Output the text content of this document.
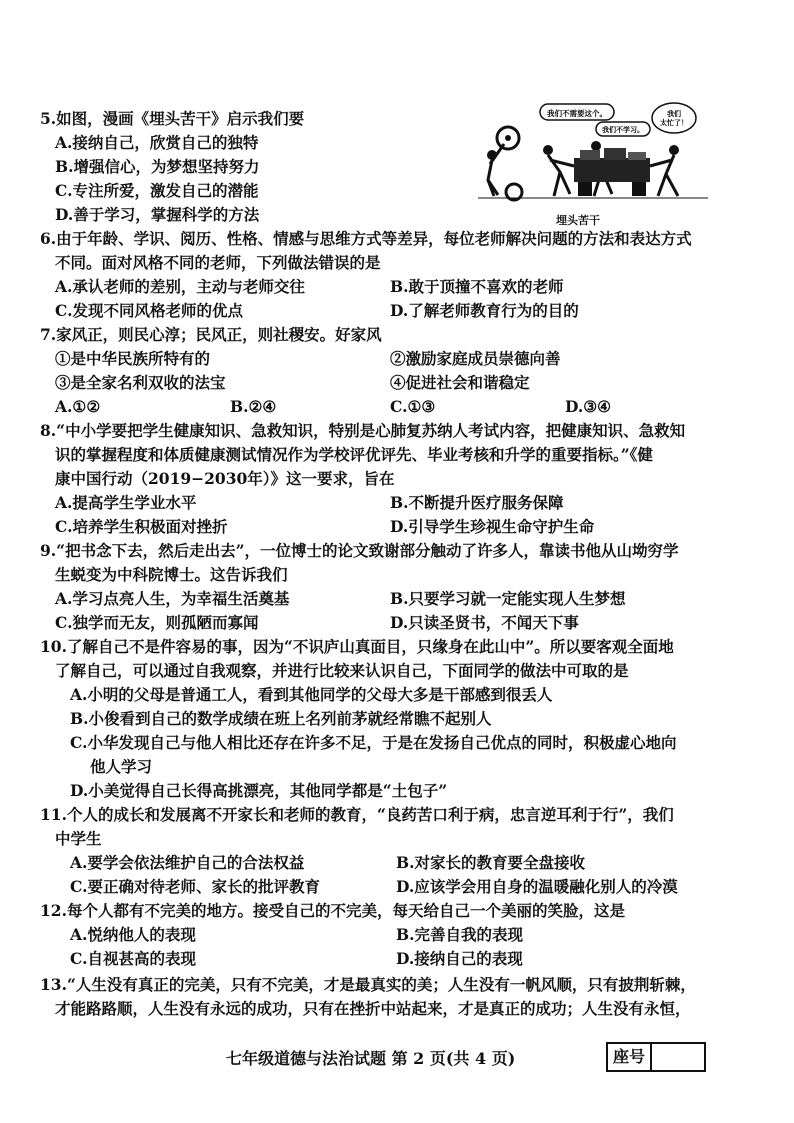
5.如图，漫画《埋头苦干》启示我们要
A.接纳自己，欣赏自己的独特
B.增强信心，为梦想坚持努力
C.专注所爱，激发自己的潜能
D.善于学习，掌握科学的方法
我们不需要这个。
我们不学习。
我们
太忙了！
埋头苦干
6.由于年龄、学识、阅历、性格、情感与思维方式等差异，每位老师解决问题的方法和表达方式
不同。面对风格不同的老师，下列做法错误的是
A.承认老师的差别，主动与老师交往	B.敢于顶撞不喜欢的老师
C.发现不同风格老师的优点	D.了解老师教育行为的目的
7.家风正，则民心淳；民风正，则社稷安。好家风
①是中华民族所特有的	②激励家庭成员崇德向善
③是全家名利双收的法宝	④促进社会和谐稳定
A.①②	B.②④	C.①③	D.③④
8.“中小学要把学生健康知识、急救知识，特别是心肺复苏纳人考试内容，把健康知识、急救知
识的掌握程度和体质健康测试情况作为学校评优评先、毕业考核和升学的重要指标。”《健
康中国行动（2019−2030年）》这一要求，旨在
A.提高学生学业水平	B.不断提升医疗服务保障
C.培养学生积极面对挫折	D.引导学生珍视生命守护生命
9.“把书念下去，然后走出去”，一位博士的论文致谢部分触动了许多人，靠读书他从山坳穷学
生蜕变为中科院博士。这告诉我们
A.学习点亮人生，为幸福生活奠基	B.只要学习就一定能实现人生梦想
C.独学而无友，则孤陋而寡闻	D.只读圣贤书，不闻天下事
10.了解自己不是件容易的事，因为“不识庐山真面目，只缘身在此山中”。所以要客观全面地
了解自己，可以通过自我观察，并进行比较来认识自己，下面同学的做法中可取的是
A.小明的父母是普通工人，看到其他同学的父母大多是干部感到很丢人
B.小俊看到自己的数学成绩在班上名列前茅就经常瞧不起别人
C.小华发现自己与他人相比还存在许多不足，于是在发扬自己优点的同时，积极虚心地向
他人学习
D.小美觉得自己长得高挑漂亮，其他同学都是“土包子”
11.个人的成长和发展离不开家长和老师的教育，“良药苦口利于病，忠言逆耳利于行”，我们
中学生
A.要学会依法维护自己的合法权益	B.对家长的教育要全盘接收
C.要正确对待老师、家长的批评教育	D.应该学会用自身的温暖融化别人的冷漠
12.每个人都有不完美的地方。接受自己的不完美，每天给自己一个美丽的笑脸，这是
A.悦纳他人的表现	B.完善自我的表现
C.自视甚高的表现	D.接纳自己的表现
13.“人生没有真正的完美，只有不完美，才是最真实的美；人生没有一帆风顺，只有披荆斩棘，
才能路路顺，人生没有永远的成功，只有在挫折中站起来，才是真正的成功；人生没有永恒，
七年级道德与法治试题 第 2 页(共 4 页)	座号
